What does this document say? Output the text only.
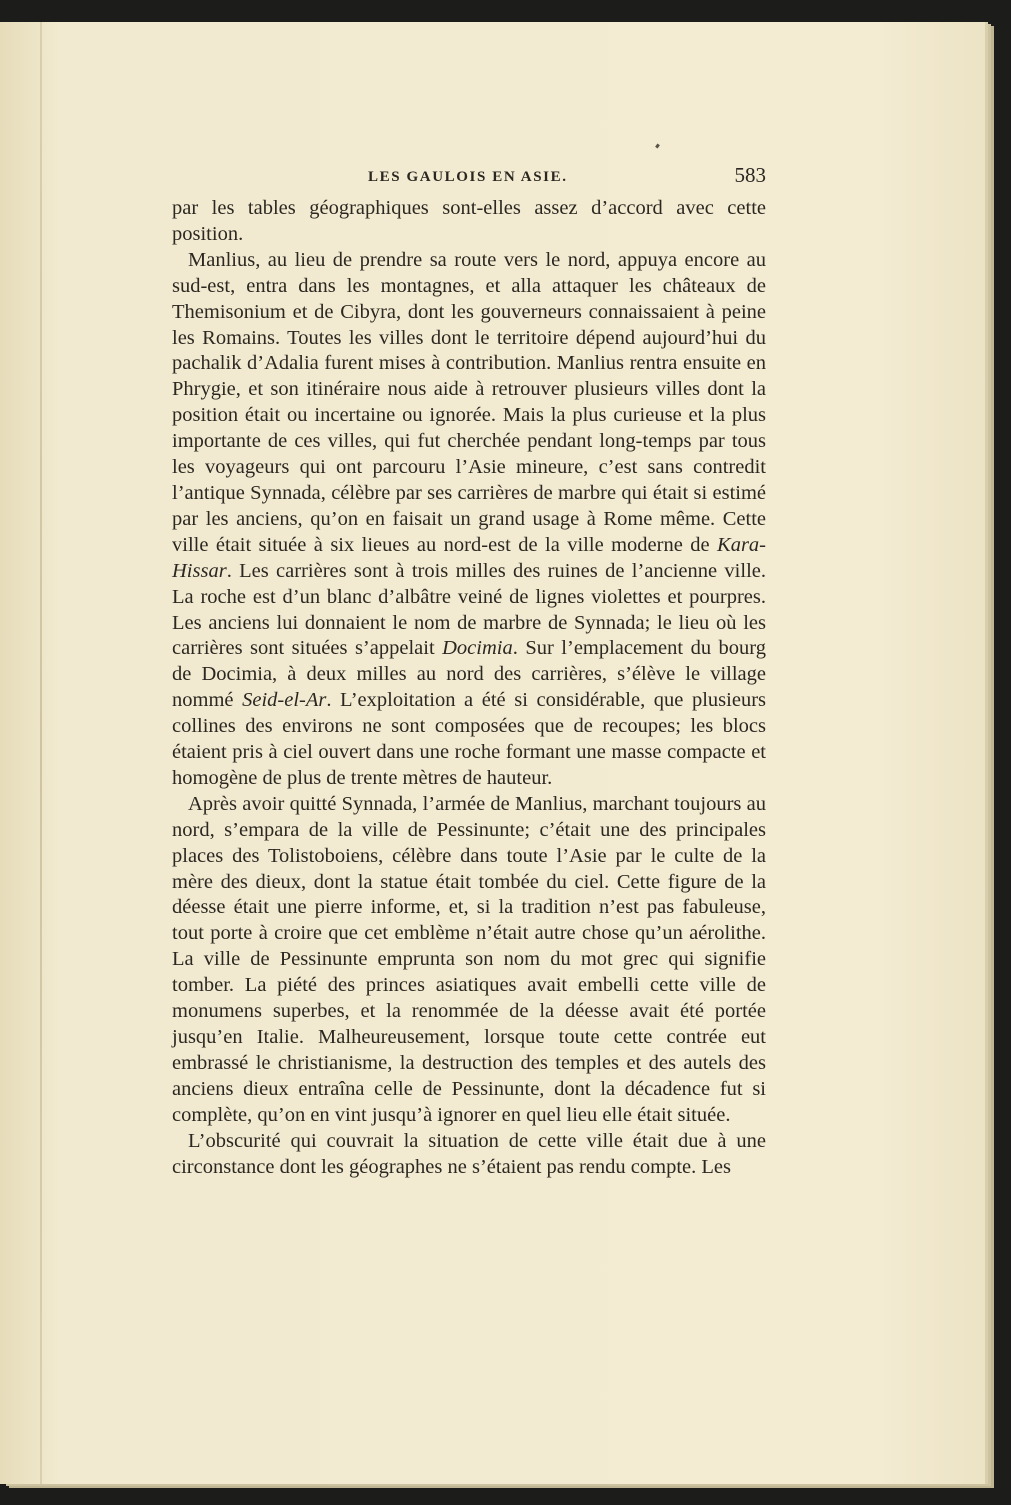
LES GAULOIS EN ASIE.	583

par les tables géographiques sont-elles assez d’accord avec cette position.

Manlius, au lieu de prendre sa route vers le nord, appuya encore au sud-est, entra dans les montagnes, et alla attaquer les châteaux de Themisonium et de Cibyra, dont les gouverneurs connaissaient à peine les Romains. Toutes les villes dont le territoire dépend aujourd’hui du pachalik d’Adalia furent mises à contribution. Manlius rentra ensuite en Phrygie, et son itinéraire nous aide à retrouver plusieurs villes dont la position était ou incertaine ou ignorée. Mais la plus curieuse et la plus importante de ces villes, qui fut cherchée pendant long-temps par tous les voyageurs qui ont parcouru l’Asie mineure, c’est sans contredit l’antique Synnada, célèbre par ses carrières de marbre qui était si estimé par les anciens, qu’on en faisait un grand usage à Rome même. Cette ville était située à six lieues au nord-est de la ville moderne de Kara-Hissar. Les carrières sont à trois milles des ruines de l’ancienne ville. La roche est d’un blanc d’albâtre veiné de lignes violettes et pourpres. Les anciens lui donnaient le nom de marbre de Synnada; le lieu où les carrières sont situées s’appelait Docimia. Sur l’emplacement du bourg de Docimia, à deux milles au nord des carrières, s’élève le village nommé Seid-el-Ar. L’exploitation a été si considérable, que plusieurs collines des environs ne sont composées que de recoupes; les blocs étaient pris à ciel ouvert dans une roche formant une masse compacte et homogène de plus de trente mètres de hauteur.

Après avoir quitté Synnada, l’armée de Manlius, marchant toujours au nord, s’empara de la ville de Pessinunte; c’était une des principales places des Tolistoboiens, célèbre dans toute l’Asie par le culte de la mère des dieux, dont la statue était tombée du ciel. Cette figure de la déesse était une pierre informe, et, si la tradition n’est pas fabuleuse, tout porte à croire que cet emblème n’était autre chose qu’un aérolithe. La ville de Pessinunte emprunta son nom du mot grec qui signifie tomber. La piété des princes asiatiques avait embelli cette ville de monumens superbes, et la renommée de la déesse avait été portée jusqu’en Italie. Malheureusement, lorsque toute cette contrée eut embrassé le christianisme, la destruction des temples et des autels des anciens dieux entraîna celle de Pessinunte, dont la décadence fut si complète, qu’on en vint jusqu’à ignorer en quel lieu elle était située.

L’obscurité qui couvrait la situation de cette ville était due à une circonstance dont les géographes ne s’étaient pas rendu compte. Les
